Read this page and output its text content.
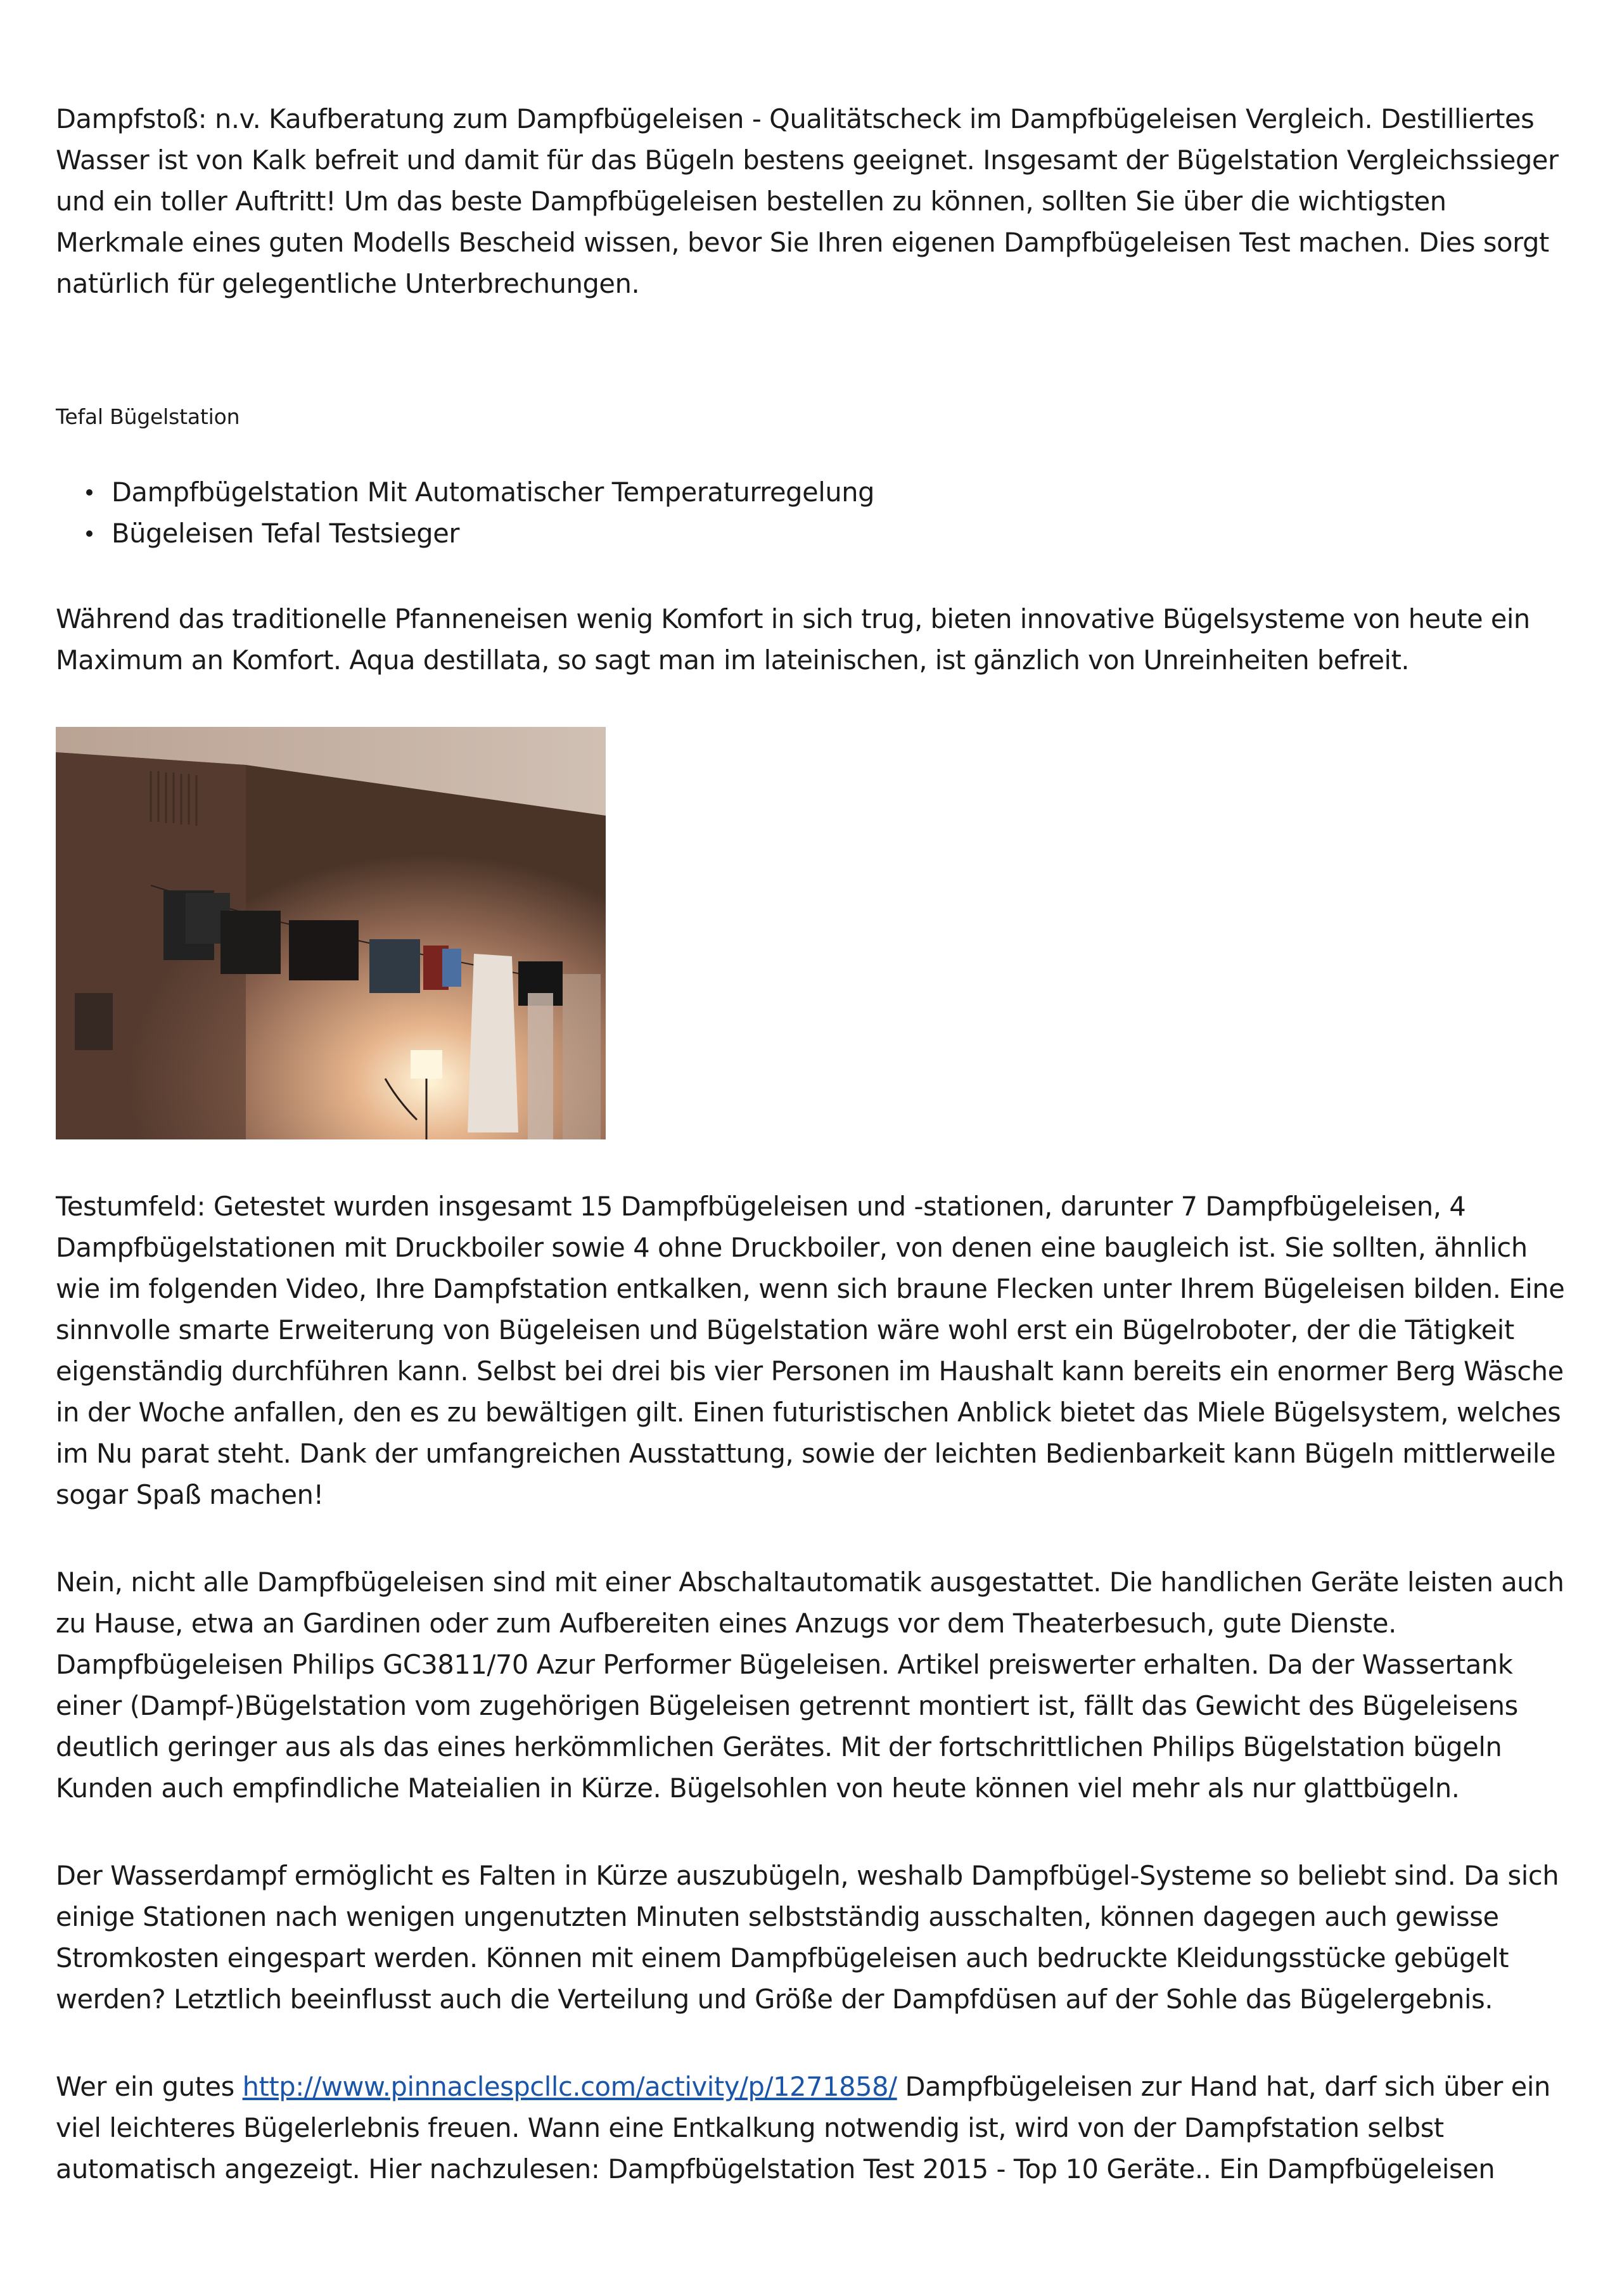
Dampfstoß: n.v. Kaufberatung zum Dampfbügeleisen - Qualitätscheck im Dampfbügeleisen Vergleich. Destilliertes Wasser ist von Kalk befreit und damit für das Bügeln bestens geeignet. Insgesamt der Bügelstation Vergleichssieger und ein toller Auftritt! Um das beste Dampfbügeleisen bestellen zu können, sollten Sie über die wichtigsten Merkmale eines guten Modells Bescheid wissen, bevor Sie Ihren eigenen Dampfbügeleisen Test machen. Dies sorgt natürlich für gelegentliche Unterbrechungen.

Tefal Bügelstation

Dampfbügelstation Mit Automatischer Temperaturregelung
Bügeleisen Tefal Testsieger

Während das traditionelle Pfanneneisen wenig Komfort in sich trug, bieten innovative Bügelsysteme von heute ein Maximum an Komfort. Aqua destillata, so sagt man im lateinischen, ist gänzlich von Unreinheiten befreit.

Testumfeld: Getestet wurden insgesamt 15 Dampfbügeleisen und -stationen, darunter 7 Dampfbügeleisen, 4 Dampfbügelstationen mit Druckboiler sowie 4 ohne Druckboiler, von denen eine baugleich ist. Sie sollten, ähnlich wie im folgenden Video, Ihre Dampfstation entkalken, wenn sich braune Flecken unter Ihrem Bügeleisen bilden. Eine sinnvolle smarte Erweiterung von Bügeleisen und Bügelstation wäre wohl erst ein Bügelroboter, der die Tätigkeit eigenständig durchführen kann. Selbst bei drei bis vier Personen im Haushalt kann bereits ein enormer Berg Wäsche in der Woche anfallen, den es zu bewältigen gilt. Einen futuristischen Anblick bietet das Miele Bügelsystem, welches im Nu parat steht. Dank der umfangreichen Ausstattung, sowie der leichten Bedienbarkeit kann Bügeln mittlerweile sogar Spaß machen!

Nein, nicht alle Dampfbügeleisen sind mit einer Abschaltautomatik ausgestattet. Die handlichen Geräte leisten auch zu Hause, etwa an Gardinen oder zum Aufbereiten eines Anzugs vor dem Theaterbesuch, gute Dienste. Dampfbügeleisen Philips GC3811/70 Azur Performer Bügeleisen. Artikel preiswerter erhalten. Da der Wassertank einer (Dampf-)Bügelstation vom zugehörigen Bügeleisen getrennt montiert ist, fällt das Gewicht des Bügeleisens deutlich geringer aus als das eines herkömmlichen Gerätes. Mit der fortschrittlichen Philips Bügelstation bügeln Kunden auch empfindliche Mateialien in Kürze. Bügelsohlen von heute können viel mehr als nur glattbügeln.

Der Wasserdampf ermöglicht es Falten in Kürze auszubügeln, weshalb Dampfbügel-Systeme so beliebt sind. Da sich einige Stationen nach wenigen ungenutzten Minuten selbstständig ausschalten, können dagegen auch gewisse Stromkosten eingespart werden. Können mit einem Dampfbügeleisen auch bedruckte Kleidungsstücke gebügelt werden? Letztlich beeinflusst auch die Verteilung und Größe der Dampfdüsen auf der Sohle das Bügelergebnis.

Wer ein gutes http://www.pinnaclespcllc.com/activity/p/1271858/ Dampfbügeleisen zur Hand hat, darf sich über ein viel leichteres Bügelerlebnis freuen. Wann eine Entkalkung notwendig ist, wird von der Dampfstation selbst automatisch angezeigt. Hier nachzulesen: Dampfbügelstation Test 2015 - Top 10 Geräte.. Ein Dampfbügeleisen
